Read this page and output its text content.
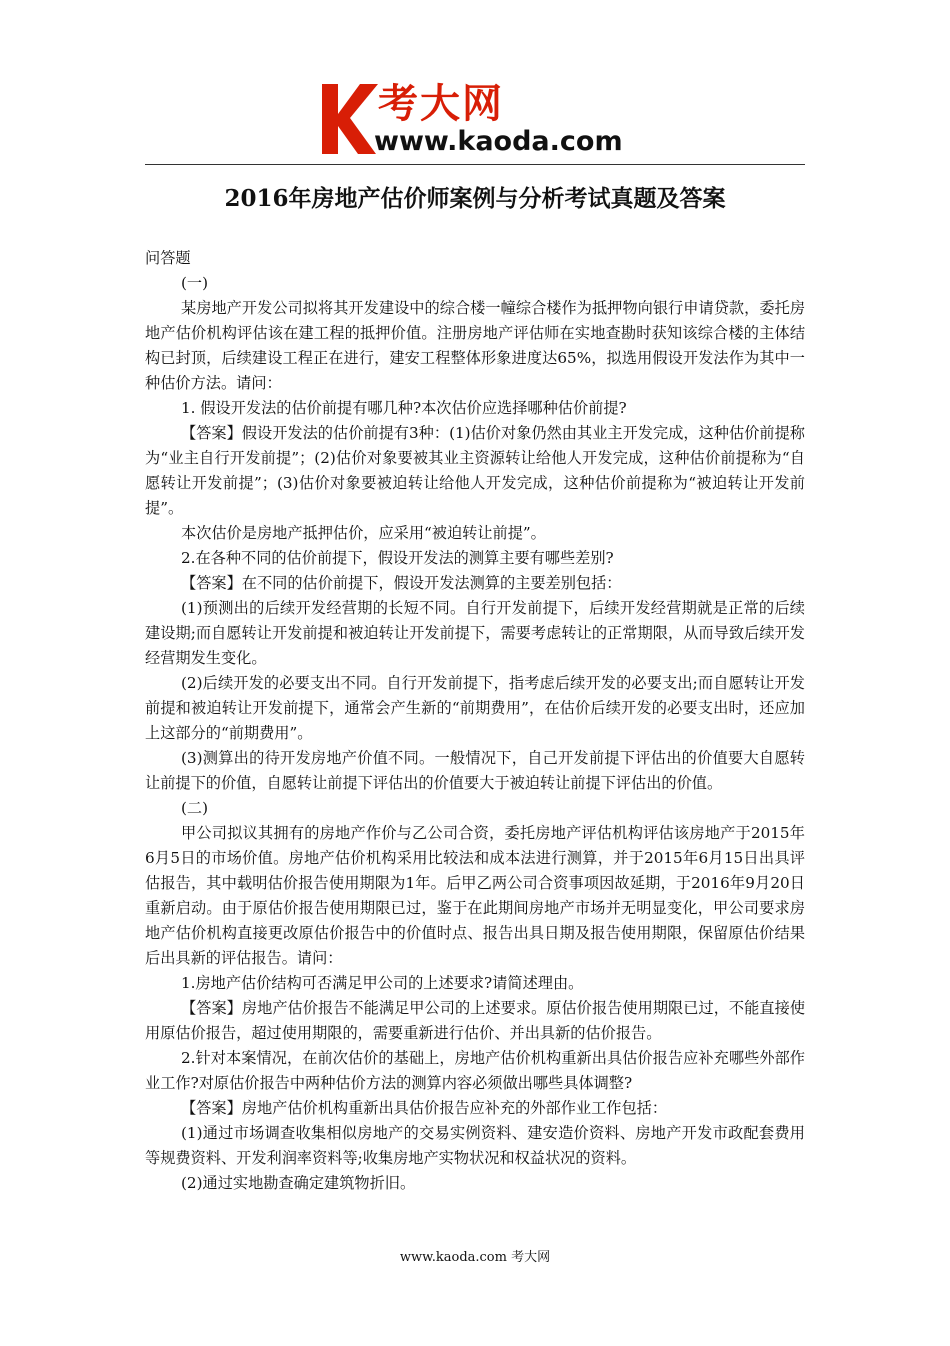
考大网
www.kaoda.com
2016年房地产估价师案例与分析考试真题及答案

问答题

(一)

某房地产开发公司拟将其开发建设中的综合楼一幢综合楼作为抵押物向银行申请贷款，委托房地产估价机构评估该在建工程的抵押价值。注册房地产评估师在实地查勘时获知该综合楼的主体结构已封顶，后续建设工程正在进行，建安工程整体形象进度达65%，拟选用假设开发法作为其中一种估价方法。请问：

1. 假设开发法的估价前提有哪几种?本次估价应选择哪种估价前提?

【答案】假设开发法的估价前提有3种：(1)估价对象仍然由其业主开发完成，这种估价前提称为“业主自行开发前提”；(2)估价对象要被其业主资源转让给他人开发完成，这种估价前提称为“自愿转让开发前提”；(3)估价对象要被迫转让给他人开发完成，这种估价前提称为“被迫转让开发前提”。

本次估价是房地产抵押估价，应采用“被迫转让前提”。

2.在各种不同的估价前提下，假设开发法的测算主要有哪些差别?

【答案】在不同的估价前提下，假设开发法测算的主要差别包括：

(1)预测出的后续开发经营期的长短不同。自行开发前提下，后续开发经营期就是正常的后续建设期;而自愿转让开发前提和被迫转让开发前提下，需要考虑转让的正常期限，从而导致后续开发经营期发生变化。

(2)后续开发的必要支出不同。自行开发前提下，指考虑后续开发的必要支出;而自愿转让开发前提和被迫转让开发前提下，通常会产生新的“前期费用”，在估价后续开发的必要支出时，还应加上这部分的“前期费用”。

(3)测算出的待开发房地产价值不同。一般情况下，自己开发前提下评估出的价值要大自愿转让前提下的价值，自愿转让前提下评估出的价值要大于被迫转让前提下评估出的价值。

(二)

甲公司拟议其拥有的房地产作价与乙公司合资，委托房地产评估机构评估该房地产于2015年6月5日的市场价值。房地产估价机构采用比较法和成本法进行测算，并于2015年6月15日出具评估报告，其中载明估价报告使用期限为1年。后甲乙两公司合资事项因故延期，于2016年9月20日重新启动。由于原估价报告使用期限已过，鉴于在此期间房地产市场并无明显变化，甲公司要求房地产估价机构直接更改原估价报告中的价值时点、报告出具日期及报告使用期限，保留原估价结果后出具新的评估报告。请问：

1.房地产估价结构可否满足甲公司的上述要求?请简述理由。

【答案】房地产估价报告不能满足甲公司的上述要求。原估价报告使用期限已过，不能直接使用原估价报告，超过使用期限的，需要重新进行估价、并出具新的估价报告。

2.针对本案情况，在前次估价的基础上，房地产估价机构重新出具估价报告应补充哪些外部作业工作?对原估价报告中两种估价方法的测算内容必须做出哪些具体调整?

【答案】房地产估价机构重新出具估价报告应补充的外部作业工作包括：

(1)通过市场调查收集相似房地产的交易实例资料、建安造价资料、房地产开发市政配套费用等规费资料、开发利润率资料等;收集房地产实物状况和权益状况的资料。

(2)通过实地勘查确定建筑物折旧。

www.kaoda.com 考大网
